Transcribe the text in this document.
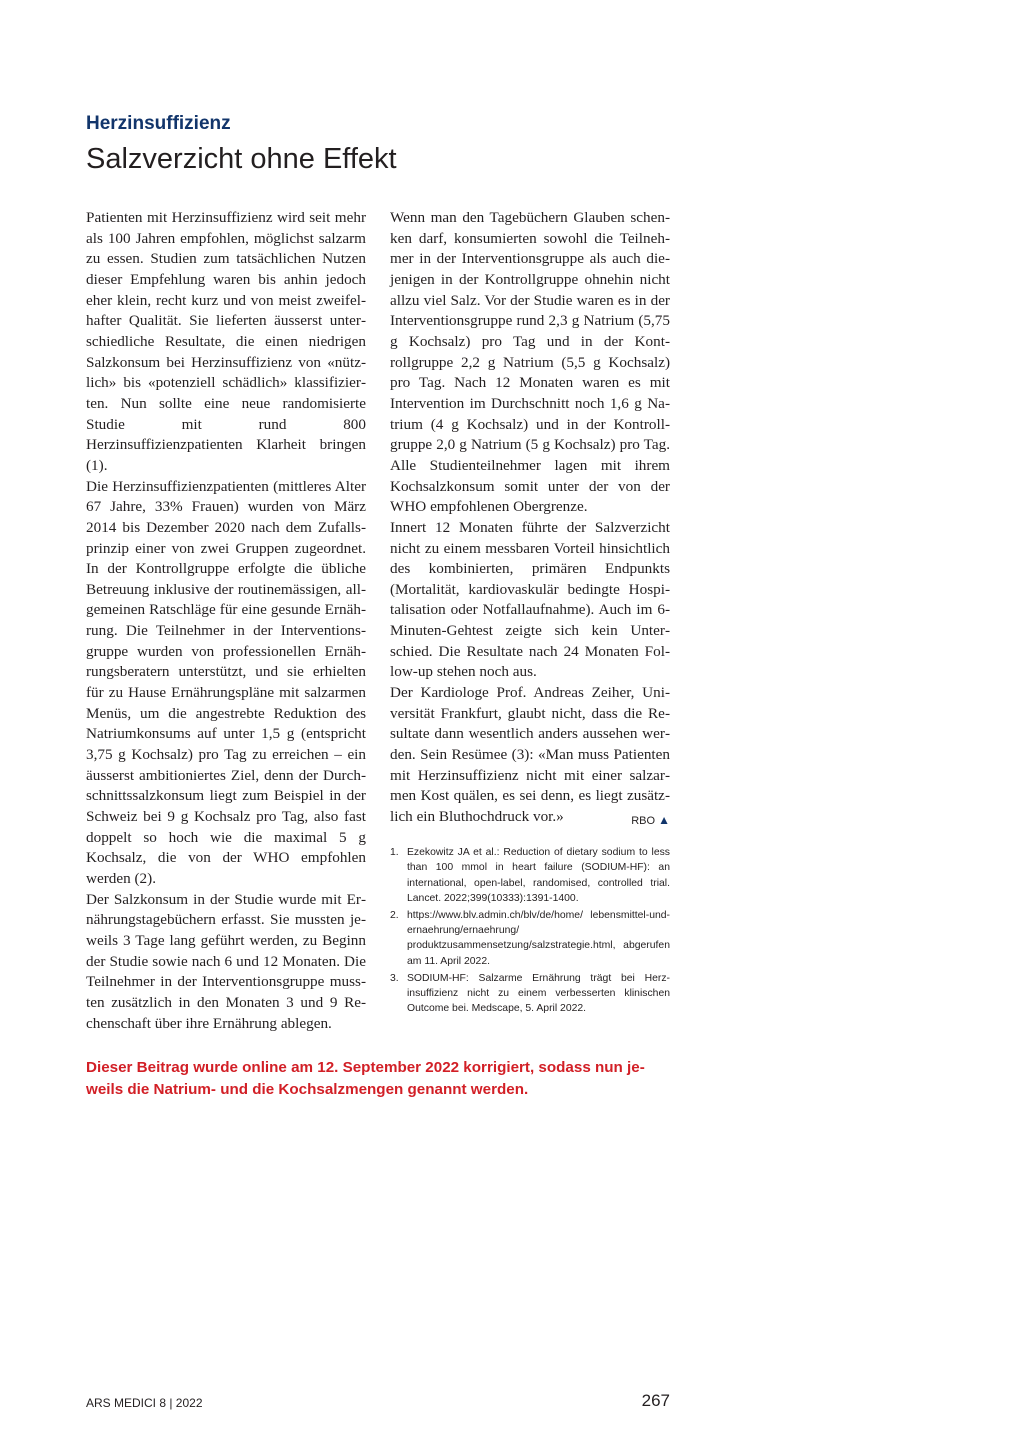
Herzinsuffizienz
Salzverzicht ohne Effekt

Patienten mit Herzinsuffizienz wird seit mehr als 100 Jahren empfohlen, möglichst salzarm zu essen. Studien zum tatsächlichen Nutzen dieser Empfehlung waren bis anhin jedoch eher klein, recht kurz und von meist zweifelhafter Qualität. Sie lieferten äusserst unterschiedliche Resultate, die einen niedrigen Salzkonsum bei Herzinsuffizienz von «nützlich» bis «potenziell schädlich» klassifizierten. Nun sollte eine neue randomisierte Studie mit rund 800 Herzinsuffizienzpatienten Klarheit bringen (1).

Die Herzinsuffizienzpatienten (mittleres Alter 67 Jahre, 33% Frauen) wurden von März 2014 bis Dezember 2020 nach dem Zufallsprinzip einer von zwei Gruppen zugeordnet. In der Kontrollgruppe erfolgte die übliche Betreuung inklusive der routinemässigen, allgemeinen Ratschläge für eine gesunde Ernährung. Die Teilnehmer in der Interventionsgruppe wurden von professionellen Ernährungsberatern unterstützt, und sie erhielten für zu Hause Ernährungspläne mit salzarmen Menüs, um die angestrebte Reduktion des Natriumkonsums auf unter 1,5 g (entspricht 3,75 g Kochsalz) pro Tag zu erreichen – ein äusserst ambitioniertes Ziel, denn der Durchschnittssalzkonsum liegt zum Beispiel in der Schweiz bei 9 g Kochsalz pro Tag, also fast doppelt so hoch wie die maximal 5 g Kochsalz, die von der WHO empfohlen werden (2).

Der Salzkonsum in der Studie wurde mit Ernährungstagebüchern erfasst. Sie mussten jeweils 3 Tage lang geführt werden, zu Beginn der Studie sowie nach 6 und 12 Monaten. Die Teilnehmer in der Interventionsgruppe mussten zusätzlich in den Monaten 3 und 9 Rechenschaft über ihre Ernährung ablegen.

Wenn man den Tagebüchern Glauben schenken darf, konsumierten sowohl die Teilnehmer in der Interventionsgruppe als auch diejenigen in der Kontrollgruppe ohnehin nicht allzu viel Salz. Vor der Studie waren es in der Interventionsgruppe rund 2,3 g Natrium (5,75 g Kochsalz) pro Tag und in der Kontrollgruppe 2,2 g Natrium (5,5 g Kochsalz) pro Tag. Nach 12 Monaten waren es mit Intervention im Durchschnitt noch 1,6 g Natrium (4 g Kochsalz) und in der Kontrollgruppe 2,0 g Natrium (5 g Kochsalz) pro Tag. Alle Studienteilnehmer lagen mit ihrem Kochsalzkonsum somit unter der von der WHO empfohlenen Obergrenze.

Innert 12 Monaten führte der Salzverzicht nicht zu einem messbaren Vorteil hinsichtlich des kombinierten, primären Endpunkts (Mortalität, kardiovaskulär bedingte Hospitalisation oder Notfallaufnahme). Auch im 6-Minuten-Gehtest zeigte sich kein Unterschied. Die Resultate nach 24 Monaten Follow-up stehen noch aus.

Der Kardiologe Prof. Andreas Zeiher, Universität Frankfurt, glaubt nicht, dass die Resultate dann wesentlich anders aussehen werden. Sein Resümee (3): «Man muss Patienten mit Herzinsuffizienz nicht mit einer salzarmen Kost quälen, es sei denn, es liegt zusätzlich ein Bluthochdruck vor.»	RBO ▲

1. Ezekowitz JA et al.: Reduction of dietary sodium to less than 100 mmol in heart failure (SODIUM-HF): an international, open-label, randomised, controlled trial. Lancet. 2022;399(10333):1391-1400.
2. https://www.blv.admin.ch/blv/de/home/ lebensmittel-und-ernaehrung/ernaehrung/ produktzusammensetzung/salzstrategie.html, abgerufen am 11. April 2022.
3. SODIUM-HF: Salzarme Ernährung trägt bei Herzinsuffizienz nicht zu einem verbesserten klinischen Outcome bei. Medscape, 5. April 2022.
Dieser Beitrag wurde online am 12. September 2022 korrigiert, sodass nun jeweils die Natrium- und die Kochsalzmengen genannt werden.
ARS MEDICI 8 | 2022	267
